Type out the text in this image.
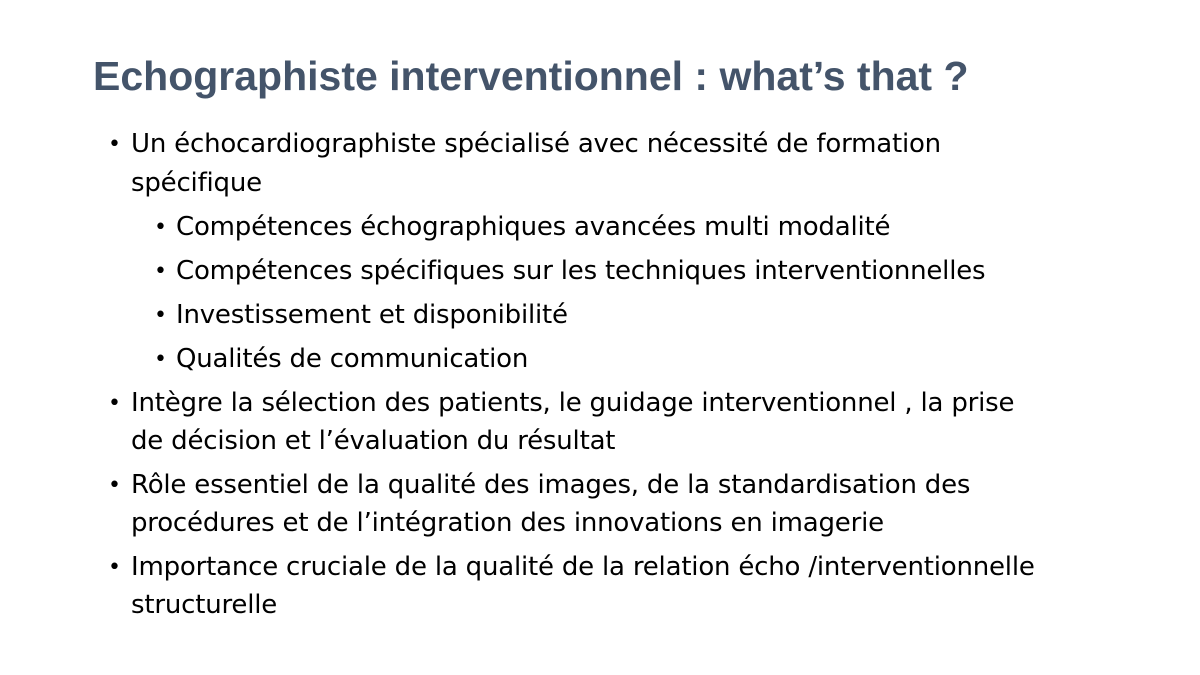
Echographiste interventionnel : what’s that ?
• Un échocardiographiste spécialisé avec nécessité de formation
spécifique
• Compétences échographiques avancées multi modalité
• Compétences spécifiques sur les techniques interventionnelles
• Investissement et disponibilité
• Qualités de communication
• Intègre la sélection des patients, le guidage interventionnel , la prise
de décision et l’évaluation du résultat
• Rôle essentiel de la qualité des images, de la standardisation des
procédures et de l’intégration des innovations en imagerie
• Importance cruciale de la qualité de la relation écho /interventionnelle
structurelle
